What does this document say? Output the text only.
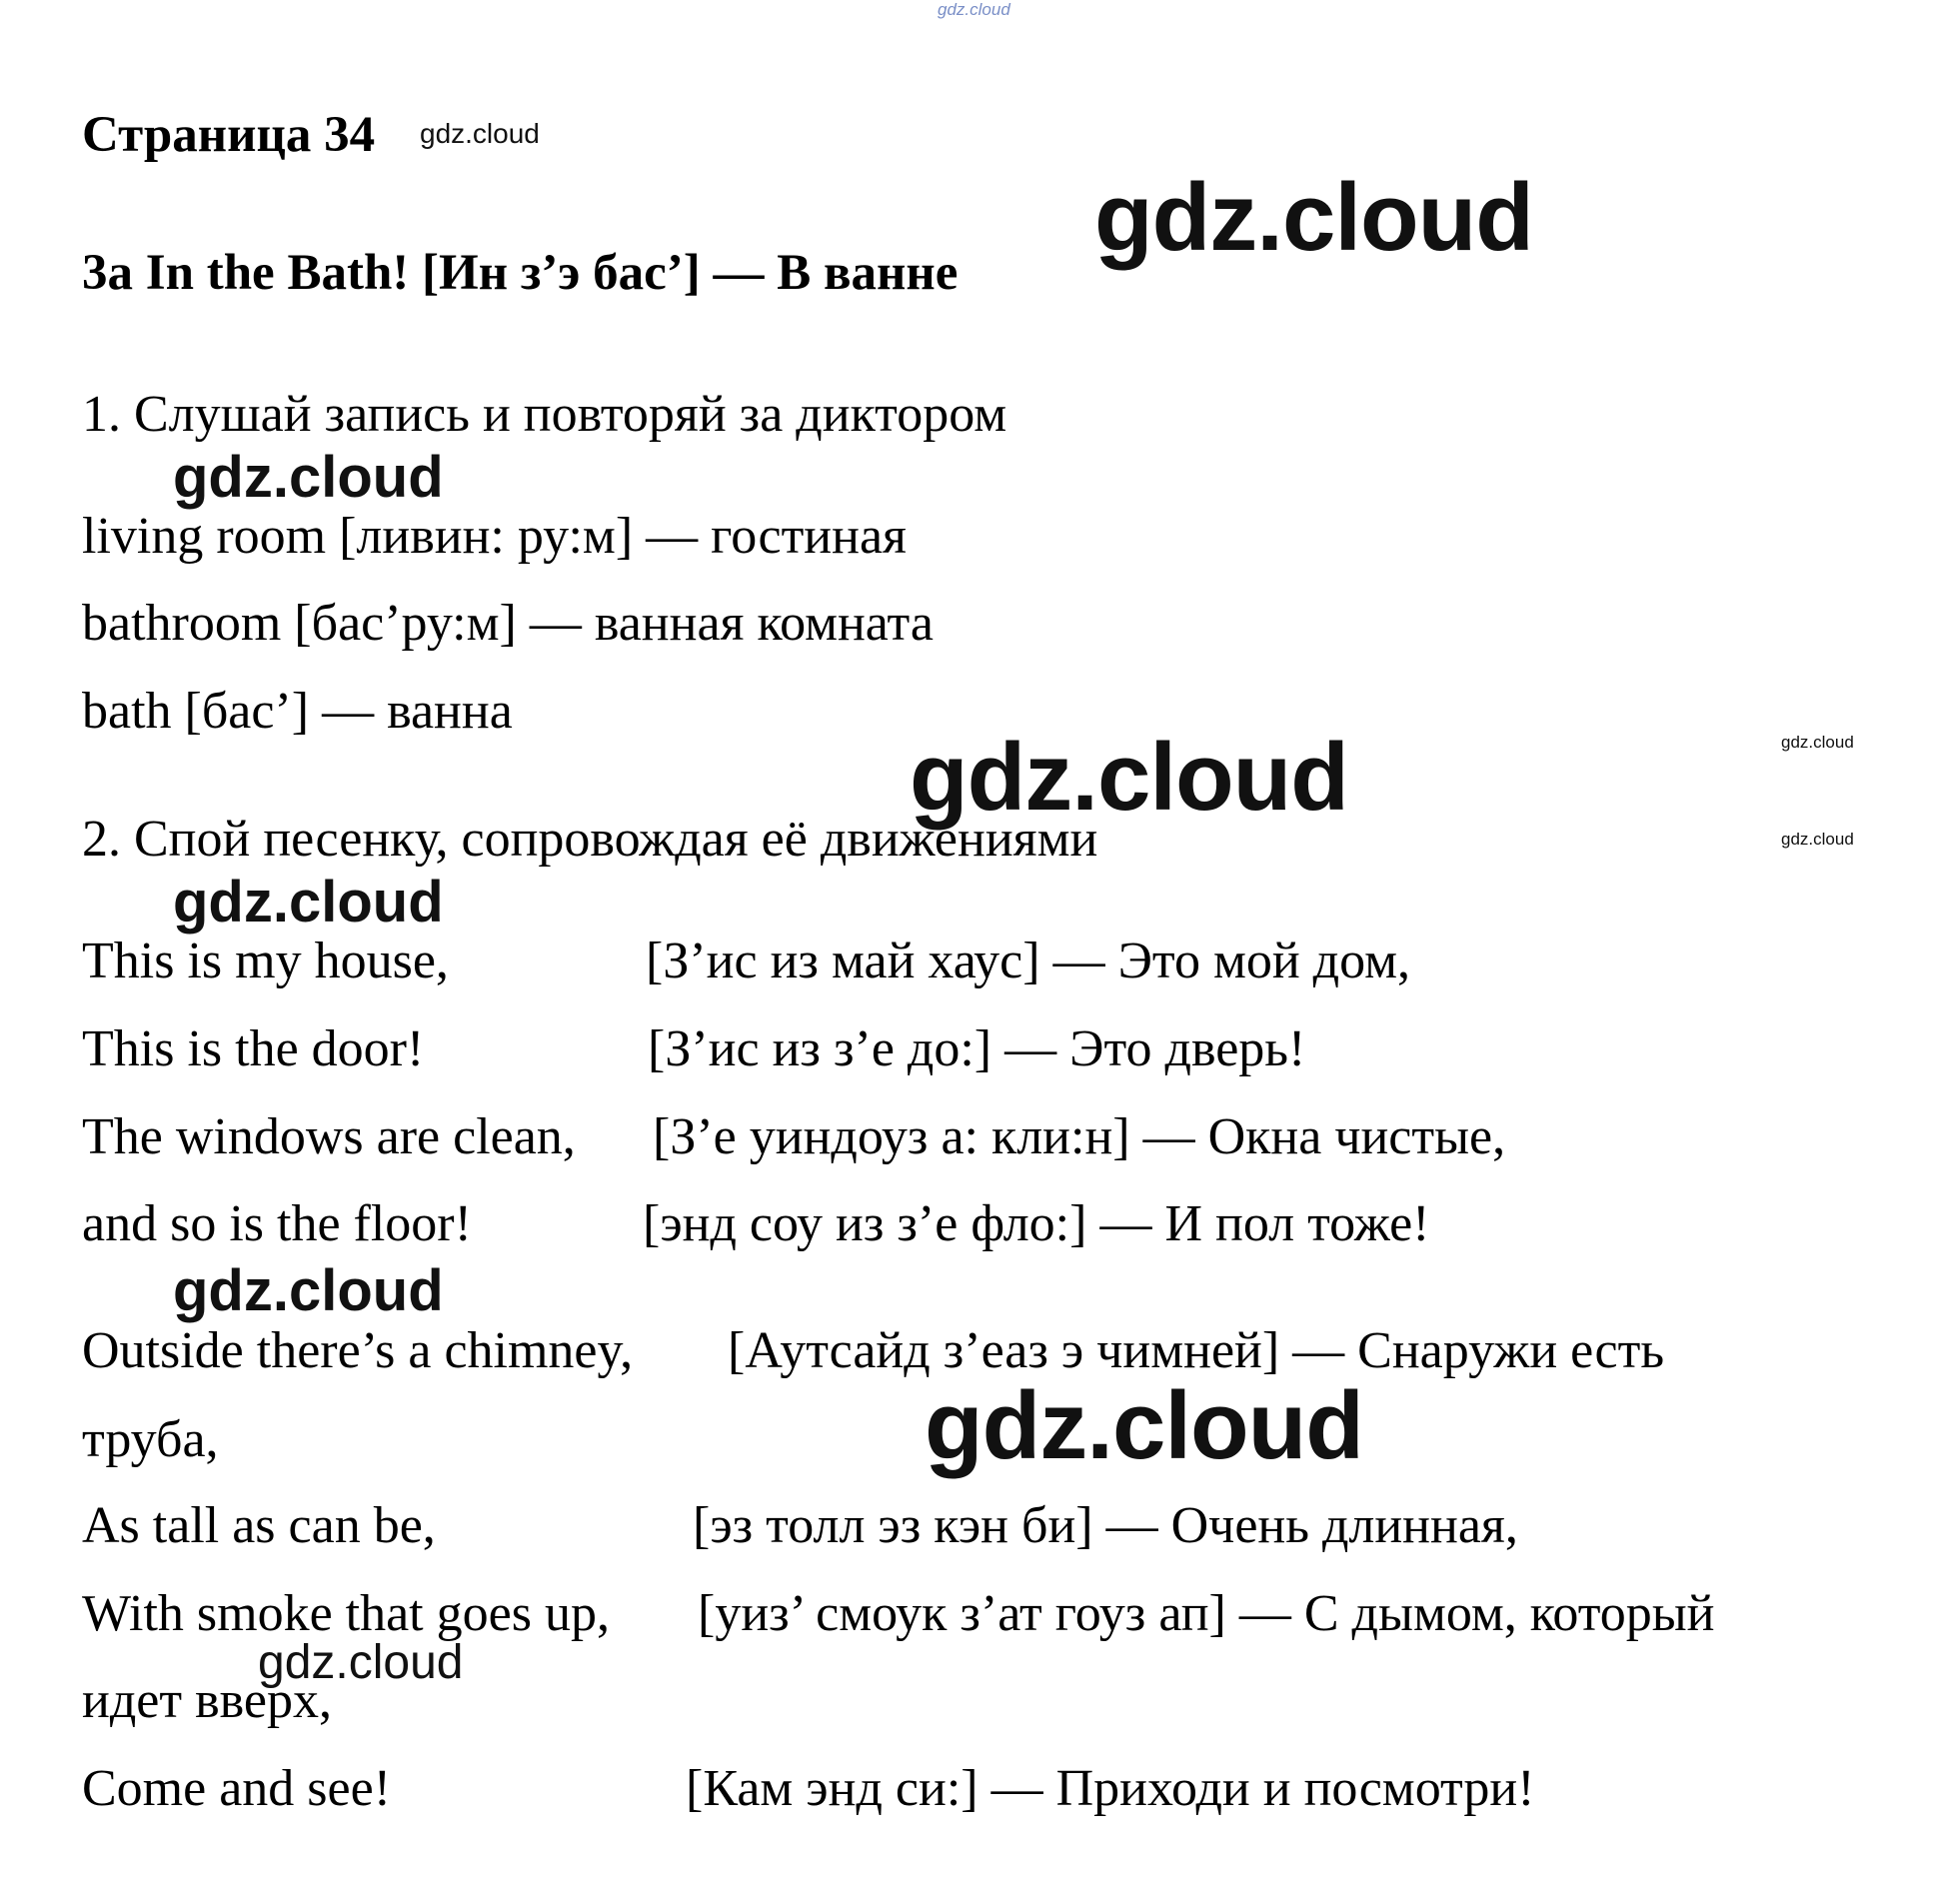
gdz.cloud
Страница 34 gdz.cloud
3a In the Bath! [Ин з’э бас’] — В ванне
gdz.cloud
1. Слушай запись и повторяй за диктором
gdz.cloud
living room [ливин: ру:м] — гостиная
bathroom [бас’ру:м] — ванная комната
bath [бас’] — ванна
gdz.cloud
gdz.cloud
2. Спой песенку, сопровождая её движениями	gdz.cloud
gdz.cloud
This is my house,	[З’ис из май хаус] — Это мой дом,
This is the door!	[З’ис из з’е до:] — Это дверь!
The windows are clean, [З’е уиндоуз а: кли:н] — Окна чистые,
and so is the floor!	[энд соу из з’е фло:] — И пол тоже!
gdz.cloud
Outside there’s a chimney, [Аутсайд з’еаз э чимней] — Снаружи есть
труба,	gdz.cloud
As tall as can be,	[эз толл эз кэн би] — Очень длинная,
With smoke that goes up, [уиз’ смоук з’ат гоуз ап] — С дымом, который
gdz.cloud
идет вверх,
Come and see!	[Кам энд си:] — Приходи и посмотри!
